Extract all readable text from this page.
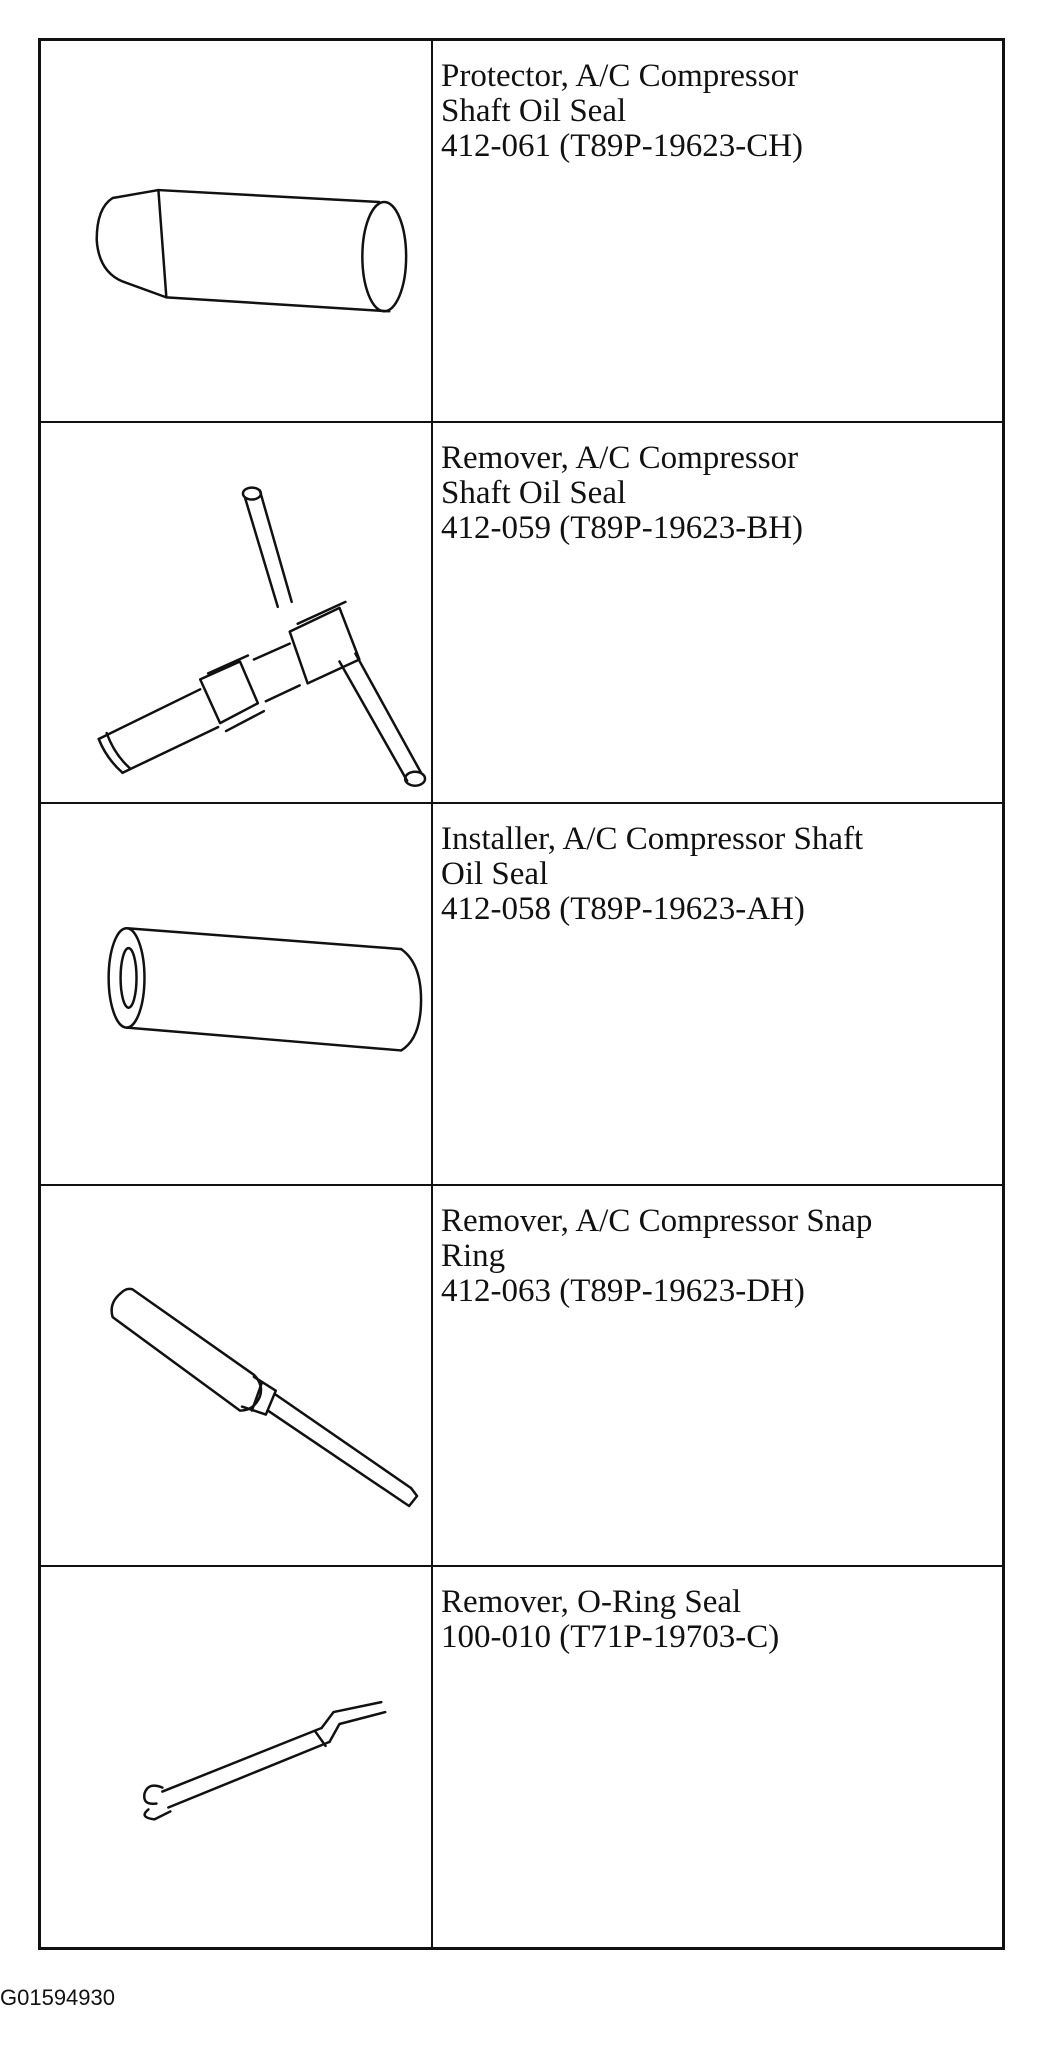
Protector, A/C Compressor

Shaft Oil Seal

412-061 (T89P-19623-CH)

Remover, A/C Compressor

Shaft Oil Seal

412-059 (T89P-19623-BH)

Installer, A/C Compressor Shaft

Oil Seal

412-058 (T89P-19623-AH)

Remover, A/C Compressor Snap

Ring

412-063 (T89P-19623-DH)

Remover, O-Ring Seal

100-010 (T71P-19703-C)

G01594930
